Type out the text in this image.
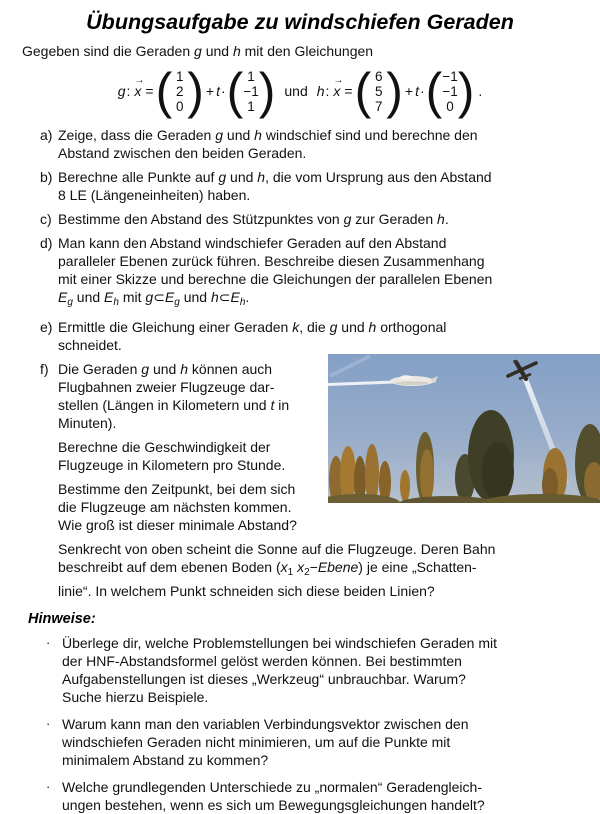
Übungsaufgabe zu windschiefen Geraden

Gegeben sind die Geraden g und h mit den Gleichungen

g : → x =
( 1
2
0
)
+ t ·
( 1
−1
1
)
und h : → x =
( 6
5
7
)
+ t ·
( −1
−1
0
)
.
a) Zeige, dass die Geraden g und h windschief sind und berechne den
Abstand zwischen den beiden Geraden.

b) Berechne alle Punkte auf g und h, die vom Ursprung aus den Abstand
8 LE (Längeneinheiten) haben.

c) Bestimme den Abstand des Stützpunktes von g zur Geraden h.

d) Man kann den Abstand windschiefer Geraden auf den Abstand
paralleler Ebenen zurück führen. Beschreibe diesen Zusammenhang
mit einer Skizze und berechne die Gleichungen der parallelen Ebenen
$E_g$ und $E_h$ mit $g\subset E_g$ und $h\subset E_h$.

e) Ermittle die Gleichung einer Geraden k, die g und h orthogonal
schneidet.

f) Die Geraden g und h können auch
Flugbahnen zweier Flugzeuge dar-
stellen (Längen in Kilometern und t in
Minuten).

Berechne die Geschwindigkeit der
Flugzeuge in Kilometern pro Stunde.

Bestimme den Zeitpunkt, bei dem sich
die Flugzeuge am nächsten kommen.
Wie groß ist dieser minimale Abstand?

Senkrecht von oben scheint die Sonne auf die Flugzeuge. Deren Bahn
beschreibt auf dem ebenen Boden ($x_1$ $x_2-Ebene$) je eine „Schatten-
linie“. In welchem Punkt schneiden sich diese beiden Linien?

Hinweise:
· Überlege dir, welche Problemstellungen bei windschiefen Geraden mit
der HNF-Abstandsformel gelöst werden können. Bei bestimmten
Aufgabenstellungen ist dieses „Werkzeug“ unbrauchbar. Warum?
Suche hierzu Beispiele.
· Warum kann man den variablen Verbindungsvektor zwischen den
windschiefen Geraden nicht minimieren, um auf die Punkte mit
minimalem Abstand zu kommen?
· Welche grundlegenden Unterschiede zu „normalen“ Geradengleich-
ungen bestehen, wenn es sich um Bewegungsgleichungen handelt?
